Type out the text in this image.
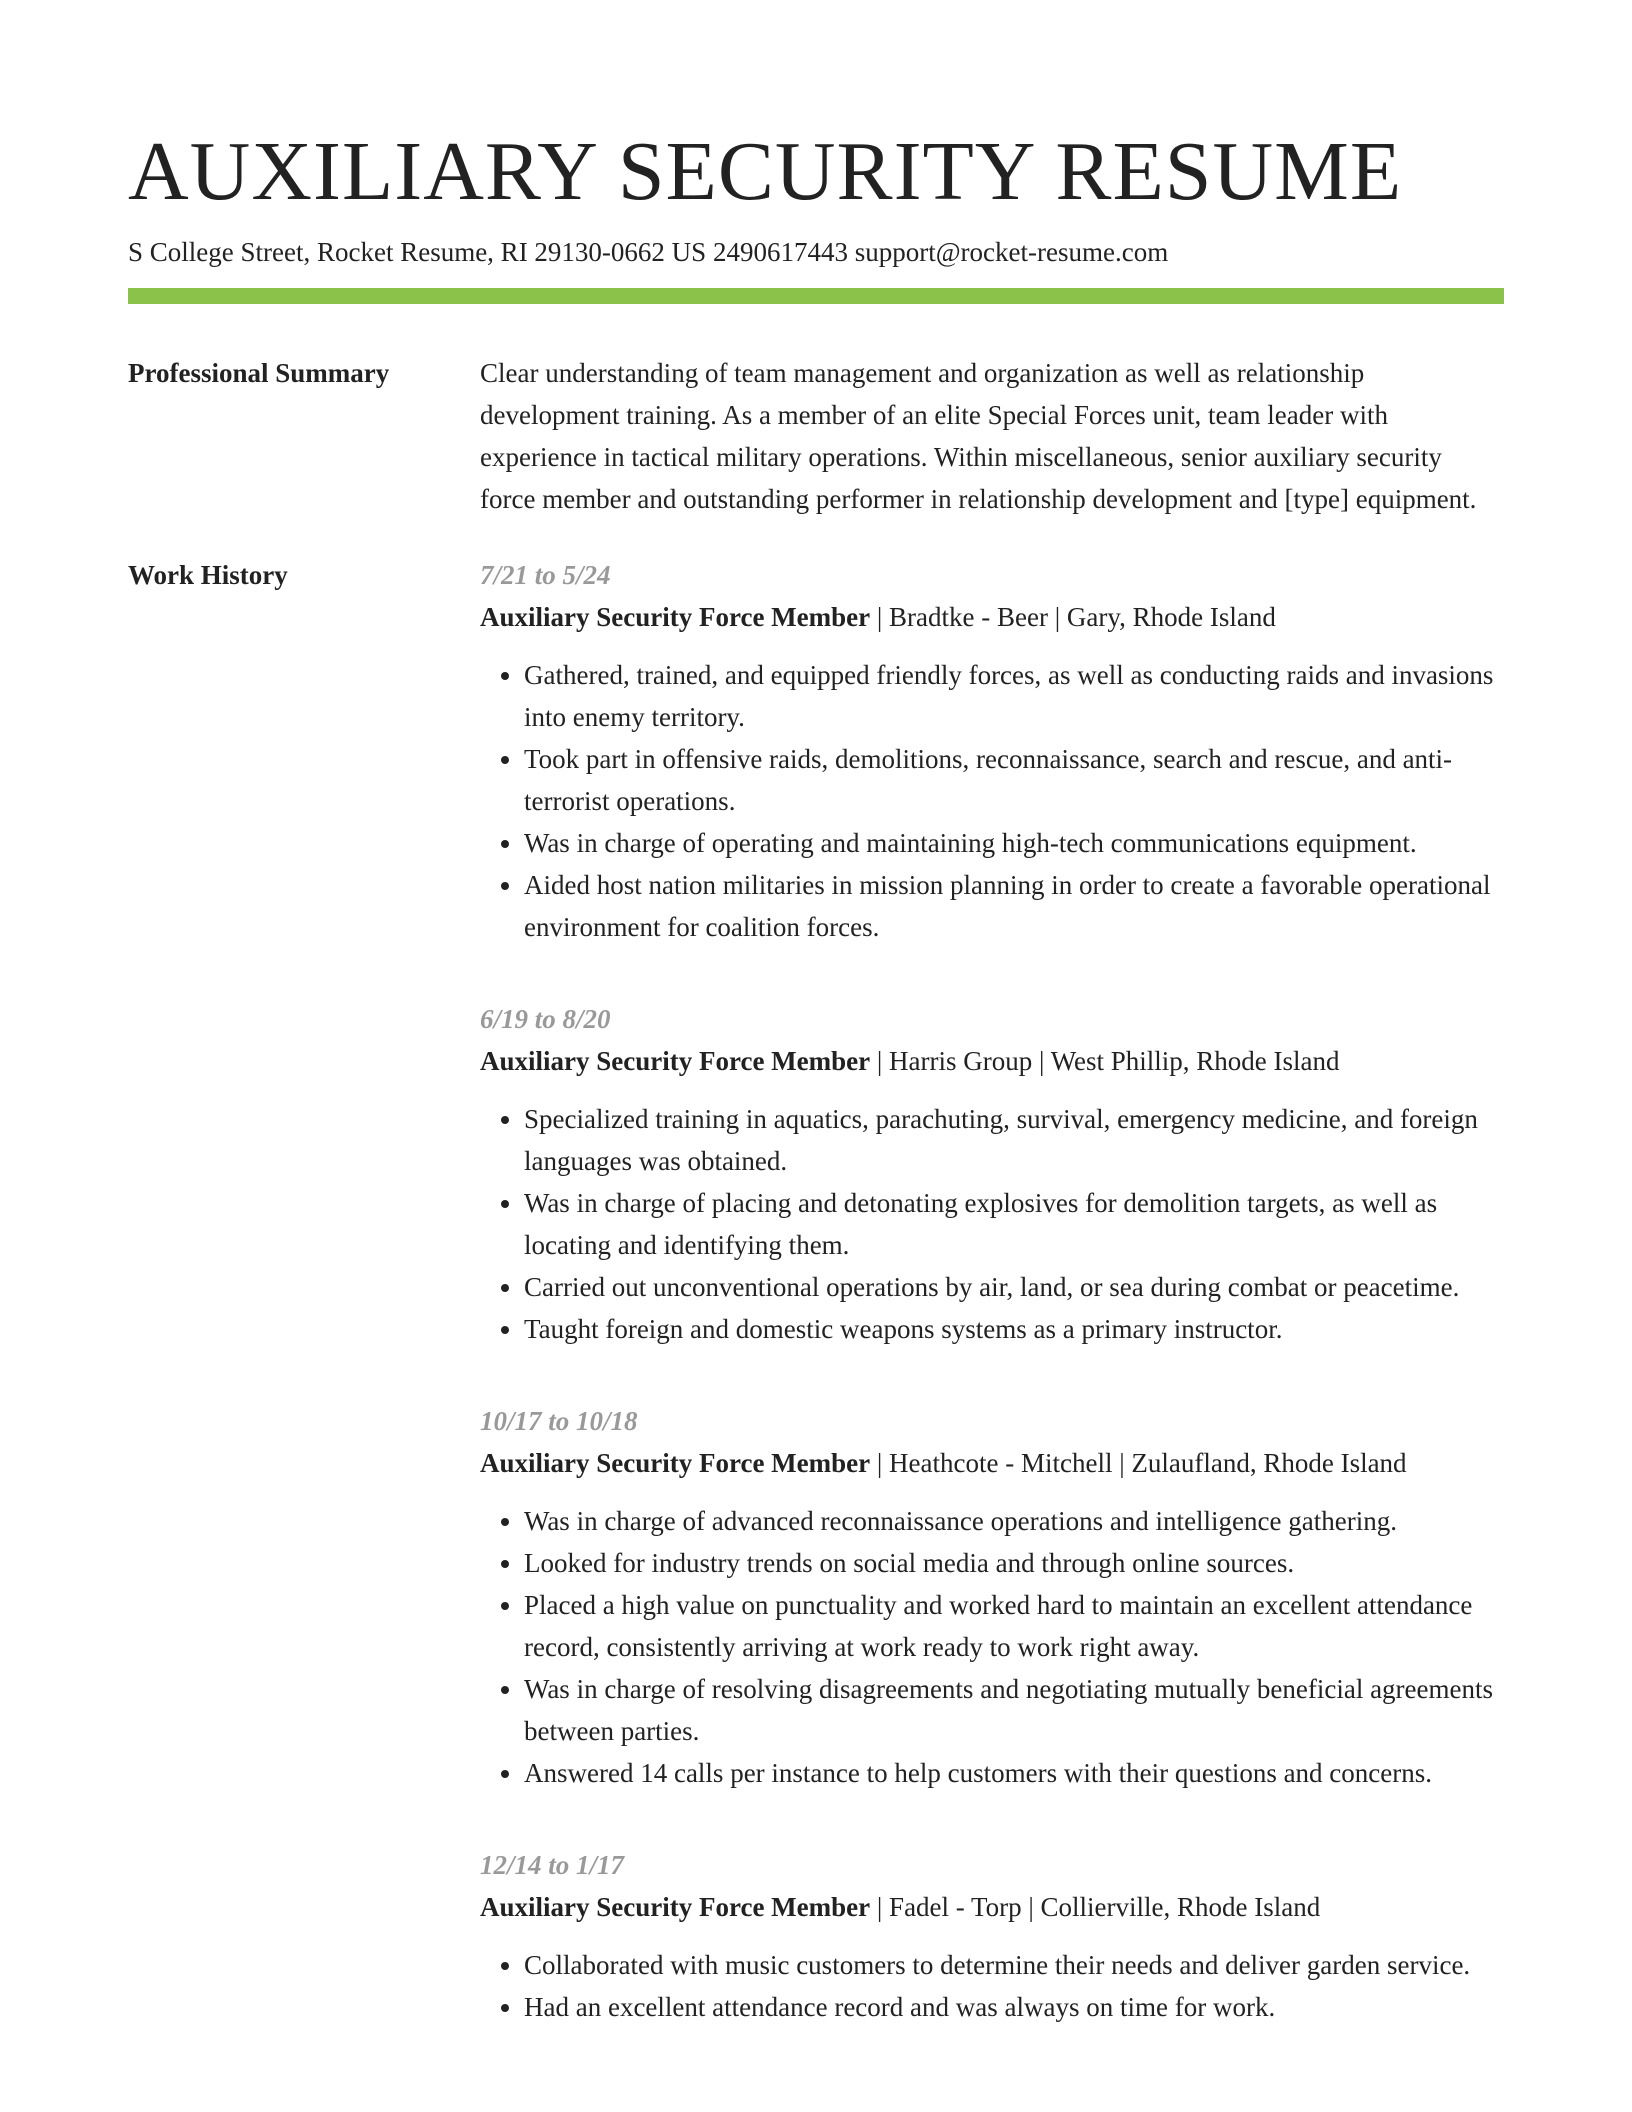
AUXILIARY SECURITY RESUME
S College Street, Rocket Resume, RI 29130-0662 US 2490617443 support@rocket-resume.com
Professional Summary	Clear understanding of team management and organization as well as relationship development training. As a member of an elite Special Forces unit, team leader with experience in tactical military operations. Within miscellaneous, senior auxiliary security force member and outstanding performer in relationship development and [type] equipment.

Work History	7/21 to 5/24
Auxiliary Security Force Member | Bradtke - Beer | Gary, Rhode Island
• Gathered, trained, and equipped friendly forces, as well as conducting raids and invasions into enemy territory.
• Took part in offensive raids, demolitions, reconnaissance, search and rescue, and anti-terrorist operations.
• Was in charge of operating and maintaining high-tech communications equipment.
• Aided host nation militaries in mission planning in order to create a favorable operational environment for coalition forces.
6/19 to 8/20
Auxiliary Security Force Member | Harris Group | West Phillip, Rhode Island
• Specialized training in aquatics, parachuting, survival, emergency medicine, and foreign languages was obtained.
• Was in charge of placing and detonating explosives for demolition targets, as well as locating and identifying them.
• Carried out unconventional operations by air, land, or sea during combat or peacetime.
• Taught foreign and domestic weapons systems as a primary instructor.
10/17 to 10/18
Auxiliary Security Force Member | Heathcote - Mitchell | Zulaufland, Rhode Island
• Was in charge of advanced reconnaissance operations and intelligence gathering.
• Looked for industry trends on social media and through online sources.
• Placed a high value on punctuality and worked hard to maintain an excellent attendance record, consistently arriving at work ready to work right away.
• Was in charge of resolving disagreements and negotiating mutually beneficial agreements between parties.
• Answered 14 calls per instance to help customers with their questions and concerns.
12/14 to 1/17
Auxiliary Security Force Member | Fadel - Torp | Collierville, Rhode Island
• Collaborated with music customers to determine their needs and deliver garden service.
• Had an excellent attendance record and was always on time for work.
